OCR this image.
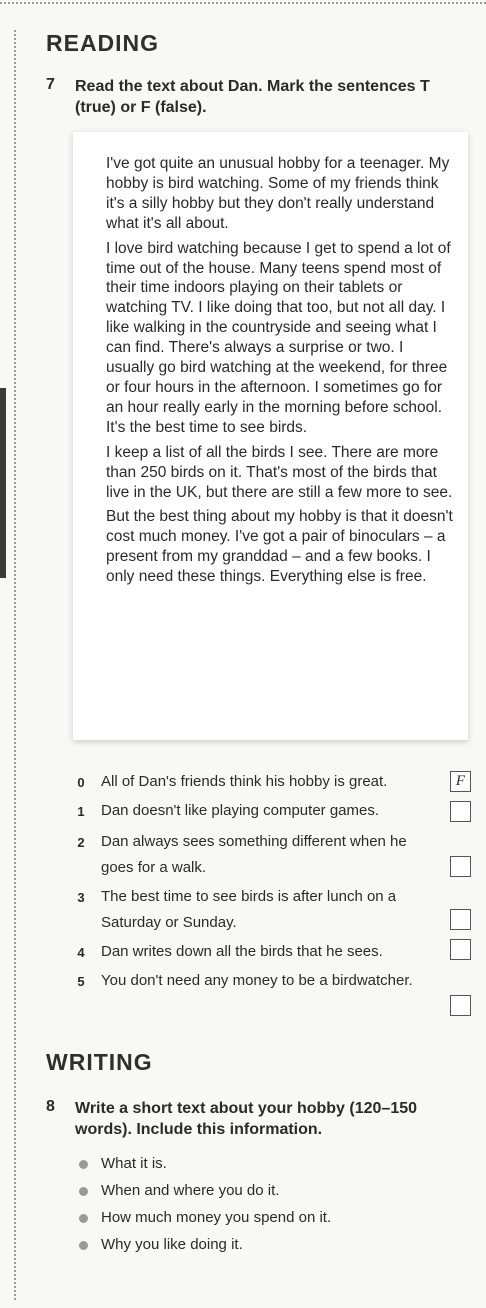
READING
7 Read the text about Dan. Mark the sentences T (true) or F (false).

I've got quite an unusual hobby for a teenager. My hobby is bird watching. Some of my friends think it's a silly hobby but they don't really understand what it's all about.

I love bird watching because I get to spend a lot of time out of the house. Many teens spend most of their time indoors playing on their tablets or watching TV. I like doing that too, but not all day. I like walking in the countryside and seeing what I can find. There's always a surprise or two. I usually go bird watching at the weekend, for three or four hours in the afternoon. I sometimes go for an hour really early in the morning before school. It's the best time to see birds.

I keep a list of all the birds I see. There are more than 250 birds on it. That's most of the birds that live in the UK, but there are still a few more to see.

But the best thing about my hobby is that it doesn't cost much money. I've got a pair of binoculars – a present from my granddad – and a few books. I only need these things. Everything else is free.

0 All of Dan's friends think his hobby is great.	F
1 Dan doesn't like playing computer games.
2 Dan always sees something different when he goes for a walk.
3 The best time to see birds is after lunch on a Saturday or Sunday.
4 Dan writes down all the birds that he sees.
5 You don't need any money to be a birdwatcher.
WRITING
8 Write a short text about your hobby (120–150 words). Include this information.
What it is.
When and where you do it.
How much money you spend on it.
Why you like doing it.
